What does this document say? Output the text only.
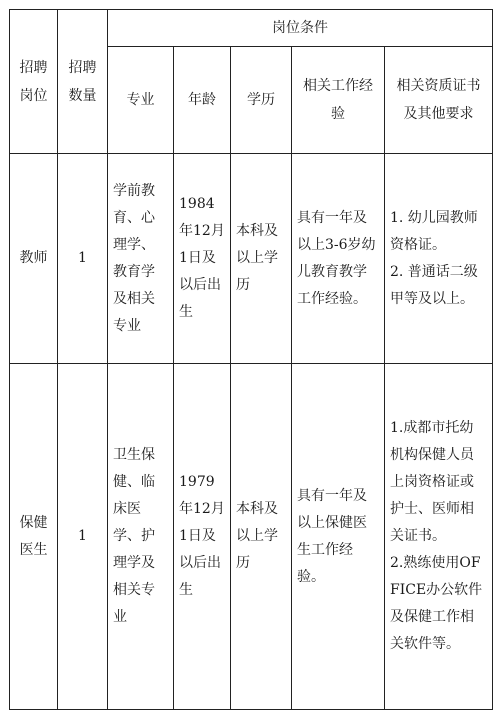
招聘岗位	招聘数量	岗位条件				
		专业	年龄	学历	相关工作经验	相关资质证书及其他要求
教师	1	学前教育、心理学、教育学及相关专业	1984年12月1日及以后出生	本科及以上学历	具有一年及以上3-6岁幼儿教育教学工作经验。	1. 幼儿园教师资格证。
2. 普通话二级甲等及以上。
保健医生	1	卫生保健、临床医学、护理学及相关专业	1979年12月1日及以后出生	本科及以上学历	具有一年及以上保健医生工作经验。	1.成都市托幼机构保健人员上岗资格证或护士、医师相关证书。
2.熟练使用OFFICE办公软件及保健工作相关软件等。
